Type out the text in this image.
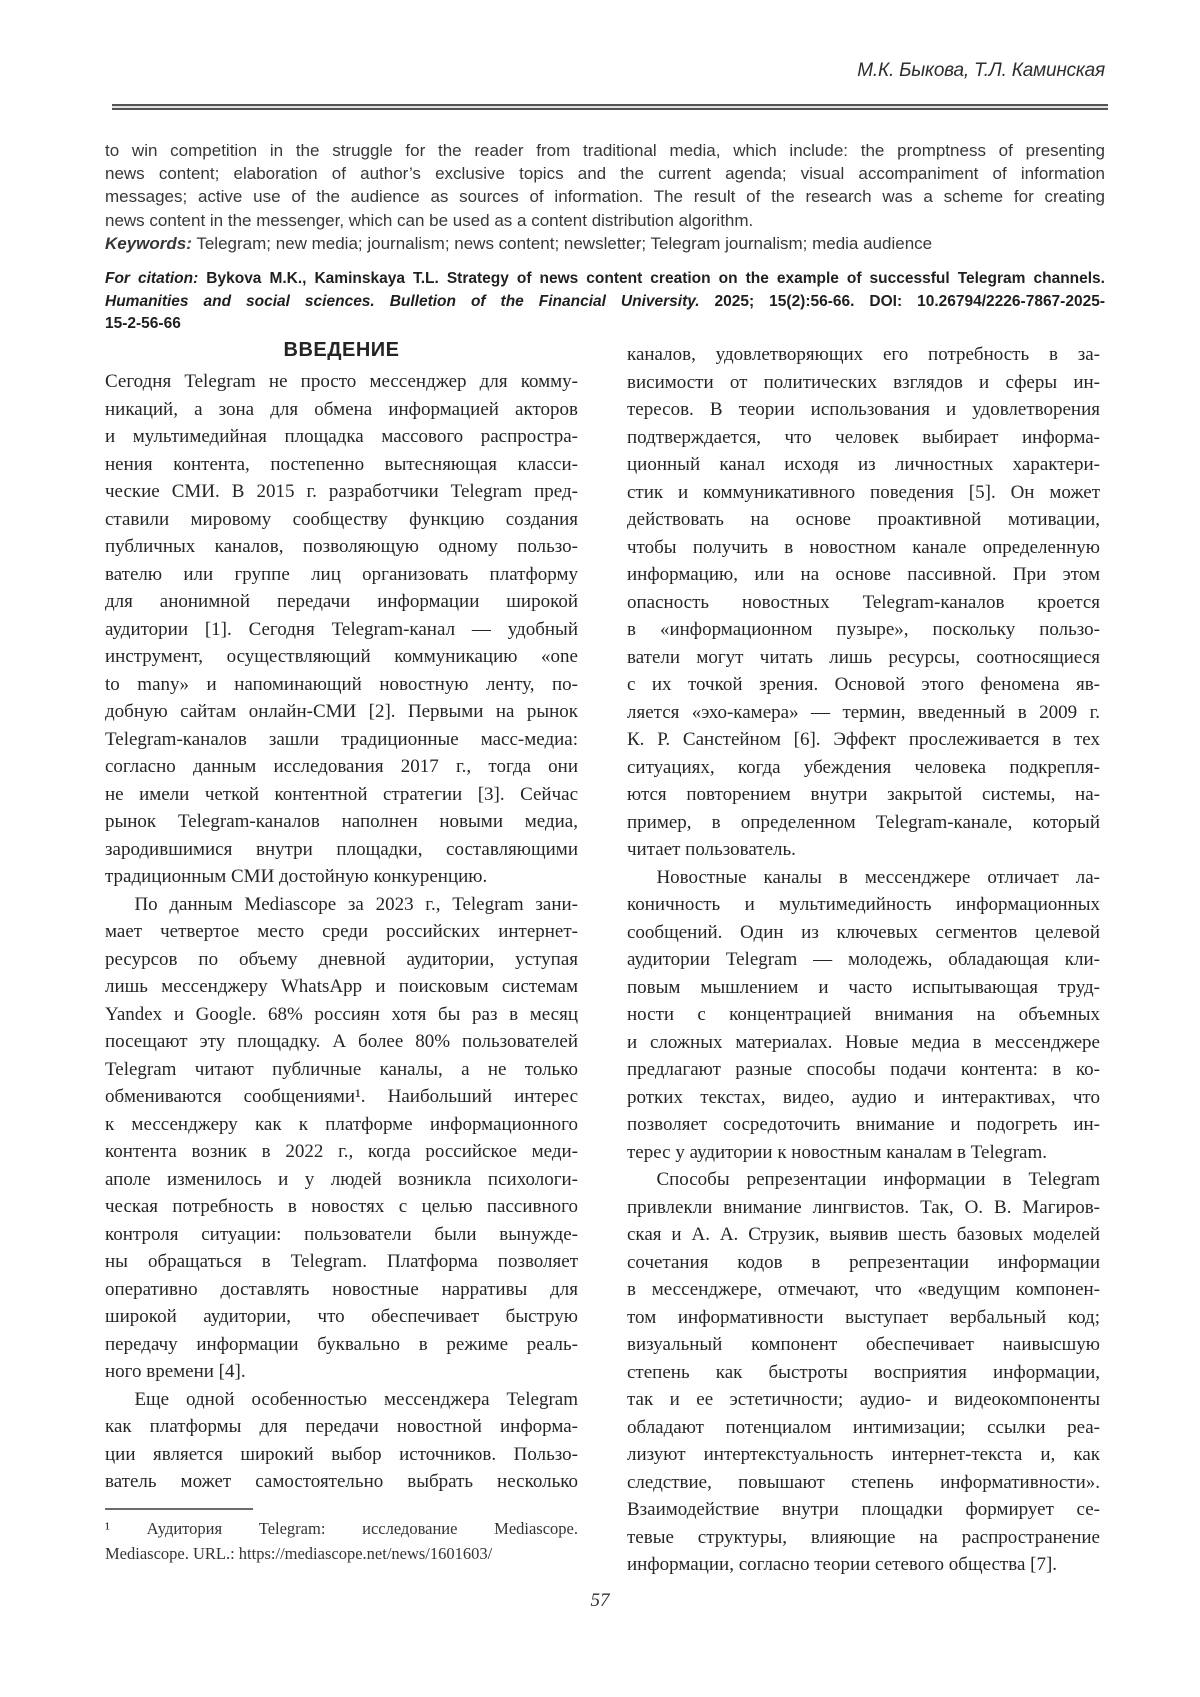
М.К. Быкова, Т.Л. Каминская
to win competition in the struggle for the reader from traditional media, which include: the promptness of presenting
news content; elaboration of author’s exclusive topics and the current agenda; visual accompaniment of information
messages; active use of the audience as sources of information. The result of the research was a scheme for creating
news content in the messenger, which can be used as a content distribution algorithm.
Keywords: Telegram; new media; journalism; news content; newsletter; Telegram journalism; media audience
For citation: Bykova M.K., Kaminskaya T.L. Strategy of news content creation on the example of successful Telegram channels.
Humanities and social sciences. Bulletion of the Financial University. 2025; 15(2):56-66. DOI: 10.26794/2226-7867-2025-
15-2-56-66
ВВЕДЕНИЕ
Сегодня Telegram не просто мессенджер для комму-
никаций, а зона для обмена информацией акторов
и мультимедийная площадка массового распростра-
нения контента, постепенно вытесняющая класси-
ческие СМИ. В 2015 г. разработчики Telegram пред-
ставили мировому сообществу функцию создания
публичных каналов, позволяющую одному пользо-
вателю или группе лиц организовать платформу
для анонимной передачи информации широкой
аудитории [1]. Сегодня Telegram-канал — удобный
инструмент, осуществляющий коммуникацию «one
to many» и напоминающий новостную ленту, по-
добную сайтам онлайн-СМИ [2]. Первыми на рынок
Telegram-каналов зашли традиционные масс-медиа:
согласно данным исследования 2017 г., тогда они
не имели четкой контентной стратегии [3]. Сейчас
рынок Telegram-каналов наполнен новыми медиа,
зародившимися внутри площадки, составляющими
традиционным СМИ достойную конкуренцию.
По данным Mediascope за 2023 г., Telegram зани-
мает четвертое место среди российских интернет-
ресурсов по объему дневной аудитории, уступая
лишь мессенджеру WhatsApp и поисковым системам
Yandex и Google. 68% россиян хотя бы раз в месяц
посещают эту площадку. А более 80% пользователей
Telegram читают публичные каналы, а не только
обмениваются сообщениями¹. Наибольший интерес
к мессенджеру как к платформе информационного
контента возник в 2022 г., когда российское меди-
аполе изменилось и у людей возникла психологи-
ческая потребность в новостях с целью пассивного
контроля ситуации: пользователи были вынужде-
ны обращаться в Telegram. Платформа позволяет
оперативно доставлять новостные нарративы для
широкой аудитории, что обеспечивает быструю
передачу информации буквально в режиме реаль-
ного времени [4].
Еще одной особенностью мессенджера Telegram
как платформы для передачи новостной информа-
ции является широкий выбор источников. Пользо-
ватель может самостоятельно выбрать несколько
каналов, удовлетворяющих его потребность в за-
висимости от политических взглядов и сферы ин-
тересов. В теории использования и удовлетворения
подтверждается, что человек выбирает информа-
ционный канал исходя из личностных характери-
стик и коммуникативного поведения [5]. Он может
действовать на основе проактивной мотивации,
чтобы получить в новостном канале определенную
информацию, или на основе пассивной. При этом
опасность новостных Telegram-каналов кроется
в «информационном пузыре», поскольку пользо-
ватели могут читать лишь ресурсы, соотносящиеся
с их точкой зрения. Основой этого феномена яв-
ляется «эхо-камера» — термин, введенный в 2009 г.
К. Р. Санстейном [6]. Эффект прослеживается в тех
ситуациях, когда убеждения человека подкрепля-
ются повторением внутри закрытой системы, на-
пример, в определенном Telegram-канале, который
читает пользователь.
Новостные каналы в мессенджере отличает ла-
коничность и мультимедийность информационных
сообщений. Один из ключевых сегментов целевой
аудитории Telegram — молодежь, обладающая кли-
повым мышлением и часто испытывающая труд-
ности с концентрацией внимания на объемных
и сложных материалах. Новые медиа в мессенджере
предлагают разные способы подачи контента: в ко-
ротких текстах, видео, аудио и интерактивах, что
позволяет сосредоточить внимание и подогреть ин-
терес у аудитории к новостным каналам в Telegram.
Способы репрезентации информации в Telegram
привлекли внимание лингвистов. Так, О. В. Магиров-
ская и А. А. Струзик, выявив шесть базовых моделей
сочетания кодов в репрезентации информации
в мессенджере, отмечают, что «ведущим компонен-
том информативности выступает вербальный код;
визуальный компонент обеспечивает наивысшую
степень как быстроты восприятия информации,
так и ее эстетичности; аудио- и видеокомпоненты
обладают потенциалом интимизации; ссылки реа-
лизуют интертекстуальность интернет-текста и, как
следствие, повышают степень информативности».
Взаимодействие внутри площадки формирует се-
тевые структуры, влияющие на распространение
информации, согласно теории сетевого общества [7].
¹ Аудитория Telegram: исследование Mediascope.
Mediascope. URL.: https://mediascope.net/news/1601603/
57
